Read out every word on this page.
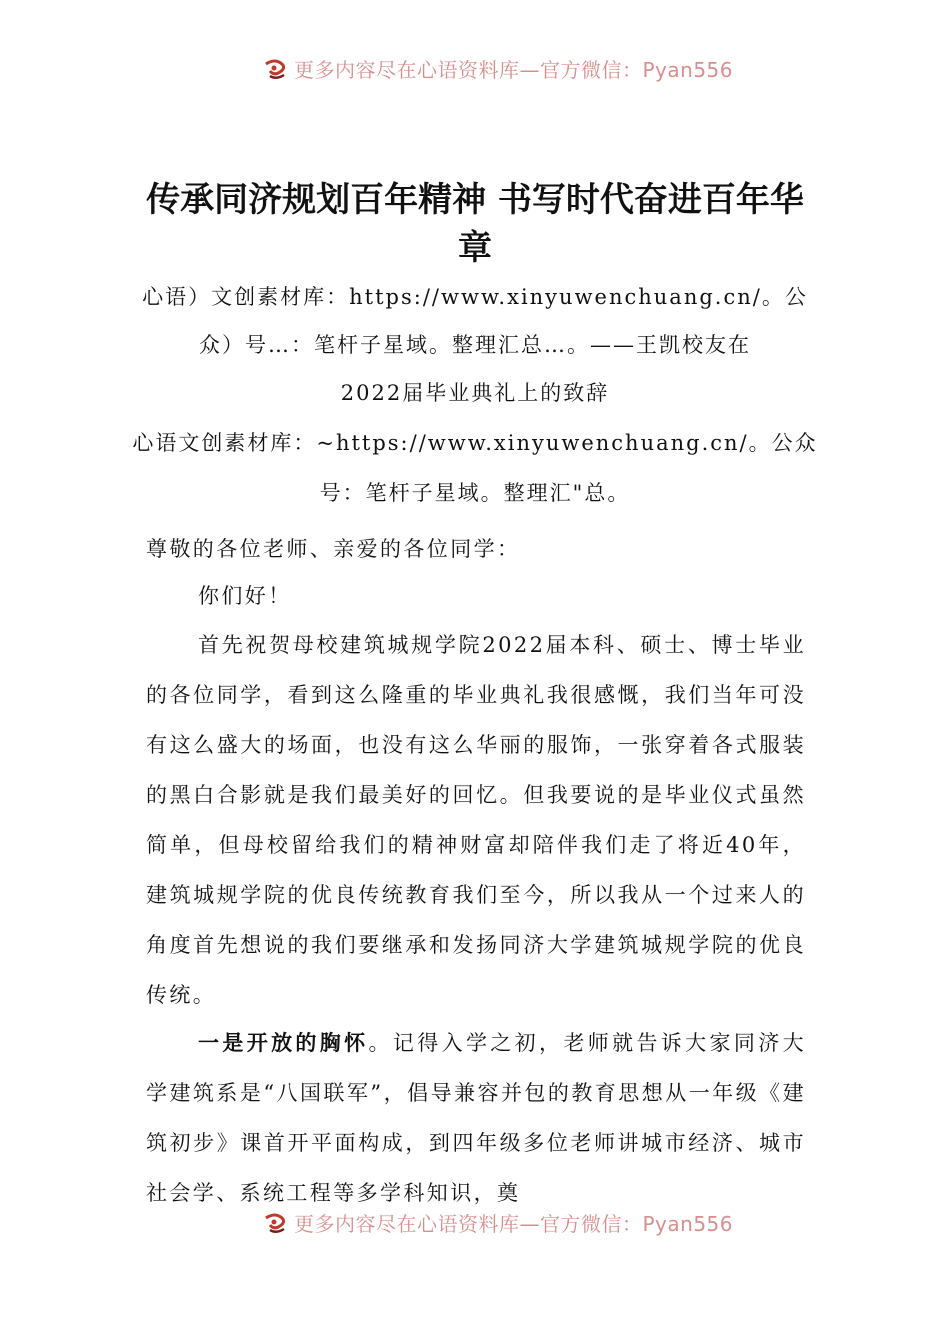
更多内容尽在心语资料库—官方微信：Pyan556
传承同济规划百年精神 书写时代奋进百年华章

心语）文创素材库：https://www.xinyuwenchuang.cn/。公

众）号…：笔杆子星域。整理汇总…。——王凯校友在

2022届毕业典礼上的致辞

心语文创素材库：~https://www.xinyuwenchuang.cn/。公众

号：笔杆子星域。整理汇"总。

尊敬的各位老师、亲爱的各位同学：

你们好！

首先祝贺母校建筑城规学院2022届本科、硕士、博士毕业的各位同学，看到这么隆重的毕业典礼我很感慨，我们当年可没有这么盛大的场面，也没有这么华丽的服饰，一张穿着各式服装的黑白合影就是我们最美好的回忆。但我要说的是毕业仪式虽然简单，但母校留给我们的精神财富却陪伴我们走了将近40年，建筑城规学院的优良传统教育我们至今，所以我从一个过来人的角度首先想说的我们要继承和发扬同济大学建筑城规学院的优良传统。

一是开放的胸怀。记得入学之初，老师就告诉大家同济大学建筑系是“八国联军”，倡导兼容并包的教育思想从一年级《建筑初步》课首开平面构成，到四年级多位老师讲城市经济、城市社会学、系统工程等多学科知识，奠

更多内容尽在心语资料库—官方微信：Pyan556
